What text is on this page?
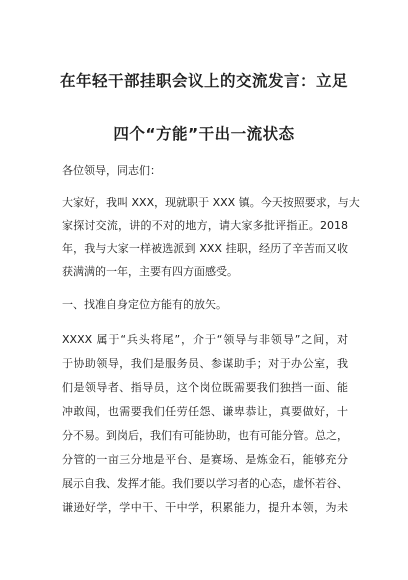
在年轻干部挂职会议上的交流发言：立足
四个“方能”干出一流状态
各位领导，同志们：
大家好，我叫 XXX，现就职于 XXX 镇。今天按照要求，与大
家探讨交流，讲的不对的地方，请大家多批评指正。2018
年，我与大家一样被选派到 XXX 挂职，经历了辛苦而又收
获满满的一年，主要有四方面感受。
一、找准自身定位方能有的放矢。
XXXX 属于“兵头将尾”，介于“领导与非领导”之间，对
于协助领导，我们是服务员、参谋助手；对于办公室，我
们是领导者、指导员，这个岗位既需要我们独挡一面、能
冲敢闯，也需要我们任劳任怨、谦卑恭让，真要做好，十
分不易。到岗后，我们有可能协助，也有可能分管。总之，
分管的一亩三分地是平台、是赛场、是炼金石，能够充分
展示自我、发挥才能。我们要以学习者的心态，虚怀若谷、
谦逊好学，学中干、干中学，积累能力，提升本领，为未
